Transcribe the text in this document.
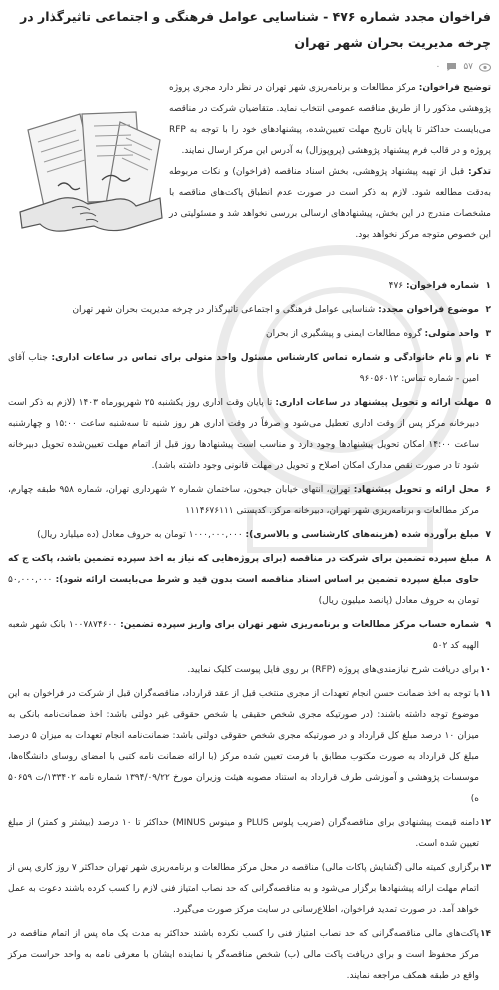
فراخوان مجدد شماره ۴۷۶ - شناسایی عوامل فرهنگی و اجتماعی تاثیرگذار در چرخه مدیریت بحران شهر تهران
۵۷
۰
توضیح فراخوان: مرکز مطالعات و برنامه‌ریزی شهر تهران در نظر دارد مجری پروژه پژوهشی مذکور را از طریق مناقصه عمومی انتخاب نماید. متقاضیان شرکت در مناقصه می‌بایست حداکثر تا پایان تاریخ مهلت تعیین‌شده، پیشنهادهای خود را با توجه به RFP پروژه و در قالب فرم پیشنهاد پژوهشی (پروپوزال) به آدرس این مرکز ارسال نمایند.
تذکر: قبل از تهیه پیشنهاد پژوهشی، بخش اسناد مناقصه (فراخوان) و نکات مربوطه به‌دقت مطالعه شود. لازم به ذکر است در صورت عدم انطباق پاکت‌های مناقصه با مشخصات مندرج در این بخش، پیشنهادهای ارسالی بررسی نخواهد شد و مسئولیتی در این خصوص متوجه مرکز نخواهد بود.
۱
شماره فراخوان: ۴۷۶
۲
موضوع فراخوان مجدد: شناسایی عوامل فرهنگی و اجتماعی تاثیرگذار در چرخه مدیریت بحران شهر تهران
۳
واحد متولی: گروه مطالعات ایمنی و پیشگیری از بحران
۴
نام و نام خانوادگی و شماره تماس کارشناس مسئول واحد متولی برای تماس در ساعات اداری: جناب آقای امین - شماره تماس: ۹۶۰۵۶۰۱۲
۵
مهلت ارائه و تحویل پیشنهاد در ساعات اداری: تا پایان وقت اداری روز یکشنبه ۲۵ شهریورماه ۱۴۰۳ (لازم به ذکر است دبیرخانه مرکز پس از وقت اداری تعطیل می‌شود و صرفاً در وقت اداری هر روز شنبه تا سه‌شنبه ساعت ۱۵:۰۰ و چهارشنبه ساعت ۱۴:۰۰ امکان تحویل پیشنهادها وجود دارد و مناسب است پیشنهادها روز قبل از اتمام مهلت تعیین‌شده تحویل دبیرخانه شود تا در صورت نقص مدارک امکان اصلاح و تحویل در مهلت قانونی وجود داشته باشد).
۶
محل ارائه و تحویل پیشنهاد: تهران، انتهای خیابان جیحون، ساختمان شماره ۲ شهرداری تهران، شماره ۹۵۸ طبقه چهارم، مرکز مطالعات و برنامه‌ریزی شهر تهران، دبیرخانه مرکز. کدپستی ۱۱۱۴۶۷۶۱۱۱
۷
مبلغ برآورده شده (هزینه‌های کارشناسی و بالاسری): ۱۰۰۰,۰۰۰,۰۰۰ تومان به حروف معادل (ده میلیارد ریال)
۸
مبلغ سپرده تضمین برای شرکت در مناقصه (برای پروژه‌هایی که نیاز به اخذ سپرده تضمین باشد، پاکت ج که حاوی مبلغ سپرده تضمین بر اساس اسناد مناقصه است بدون قید و شرط می‌بایست ارائه شود): ۵۰,۰۰۰,۰۰۰ تومان به حروف معادل (پانصد میلیون ریال)
۹
شماره حساب مرکز مطالعات و برنامه‌ریزی شهر تهران برای واریز سپرده تضمین: ۱۰۰۷۸۷۴۶۰۰ بانک شهر شعبه الهیه کد ۵۰۲
۱۰
برای دریافت شرح نیازمندی‌های پروژه (RFP) بر روی فایل پیوست کلیک نمایید.
۱۱
با توجه به اخذ ضمانت حسن انجام تعهدات از مجری منتخب قبل از عقد قرارداد، مناقصه‌گران قبل از شرکت در فراخوان به این موضوع توجه داشته باشند: (در صورتیکه مجری شخص حقیقی یا شخص حقوقی غیر دولتی باشد: اخذ ضمانت‌نامه بانکی به میزان ۱۰ درصد مبلغ کل قرارداد و در صورتیکه مجری شخص حقوقی دولتی باشد: ضمانت‌نامه انجام تعهدات به میزان ۵ درصد مبلغ کل قرارداد به صورت مکتوب مطابق با فرمت تعیین شده مرکز (با ارائه ضمانت نامه کتبی با امضای روسای دانشگاه‌ها، موسسات پژوهشی و آموزشی طرف قرارداد به استناد مصوبه هیئت وزیران مورخ ۱۳۹۴/۰۹/۲۲ شماره نامه ۱۳۳۴۰۲/ت ۵۰۶۵۹ ه)
۱۲
دامنه قیمت پیشنهادی برای مناقصه‌گران (ضریب پلوس PLUS و مینوس MINUS) حداکثر تا ۱۰ درصد (بیشتر و کمتر) از مبلغ تعیین شده است.
۱۳
برگزاری کمیته مالی (گشایش پاکات مالی) مناقصه در محل مرکز مطالعات و برنامه‌ریزی شهر تهران حداکثر ۷ روز کاری پس از اتمام مهلت ارائه پیشنهادها برگزار می‌شود و به مناقصه‌گرانی که حد نصاب امتیاز فنی لازم را کسب کرده باشند دعوت به عمل خواهد آمد. در صورت تمدید فراخوان، اطلاع‌رسانی در سایت مرکز صورت می‌گیرد.
۱۴
پاکت‌های مالی مناقصه‌گرانی که حد نصاب امتیاز فنی را کسب نکرده باشند حداکثر به مدت یک ماه پس از اتمام مناقصه در مرکز محفوظ است و برای دریافت پاکت مالی (ب) شخص مناقصه‌گر یا نماینده ایشان با معرفی نامه به واحد حراست مرکز واقع در طبقه همکف مراجعه نمایند.
